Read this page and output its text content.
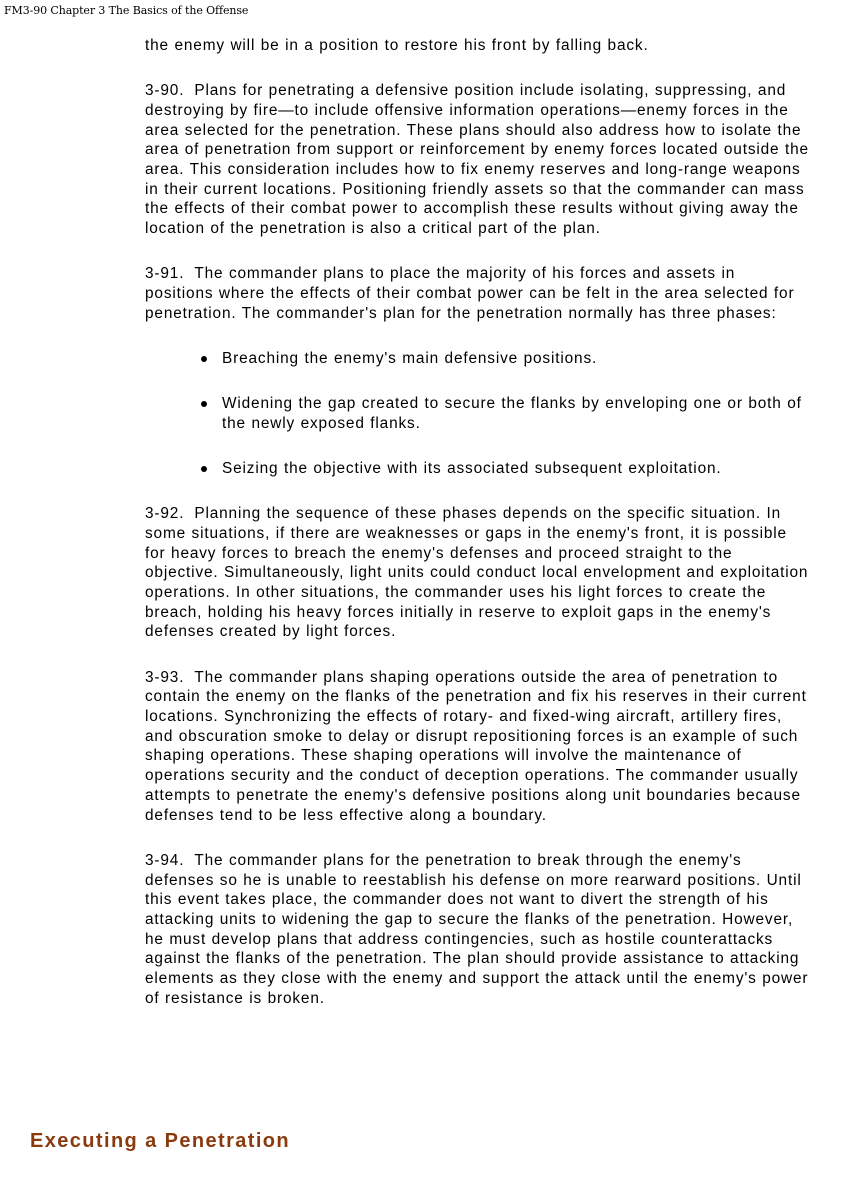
FM3-90 Chapter 3 The Basics of the Offense

the enemy will be in a position to restore his front by falling back.

3-90. Plans for penetrating a defensive position include isolating, suppressing, and destroying by fire—to include offensive information operations—enemy forces in the area selected for the penetration. These plans should also address how to isolate the area of penetration from support or reinforcement by enemy forces located outside the area. This consideration includes how to fix enemy reserves and long-range weapons in their current locations. Positioning friendly assets so that the commander can mass the effects of their combat power to accomplish these results without giving away the location of the penetration is also a critical part of the plan.

3-91. The commander plans to place the majority of his forces and assets in positions where the effects of their combat power can be felt in the area selected for penetration. The commander's plan for the penetration normally has three phases:

Breaching the enemy's main defensive positions.
Widening the gap created to secure the flanks by enveloping one or both of the newly exposed flanks.
Seizing the objective with its associated subsequent exploitation.

3-92. Planning the sequence of these phases depends on the specific situation. In some situations, if there are weaknesses or gaps in the enemy's front, it is possible for heavy forces to breach the enemy's defenses and proceed straight to the objective. Simultaneously, light units could conduct local envelopment and exploitation operations. In other situations, the commander uses his light forces to create the breach, holding his heavy forces initially in reserve to exploit gaps in the enemy's defenses created by light forces.

3-93. The commander plans shaping operations outside the area of penetration to contain the enemy on the flanks of the penetration and fix his reserves in their current locations. Synchronizing the effects of rotary- and fixed-wing aircraft, artillery fires, and obscuration smoke to delay or disrupt repositioning forces is an example of such shaping operations. These shaping operations will involve the maintenance of operations security and the conduct of deception operations. The commander usually attempts to penetrate the enemy's defensive positions along unit boundaries because defenses tend to be less effective along a boundary.

3-94. The commander plans for the penetration to break through the enemy's defenses so he is unable to reestablish his defense on more rearward positions. Until this event takes place, the commander does not want to divert the strength of his attacking units to widening the gap to secure the flanks of the penetration. However, he must develop plans that address contingencies, such as hostile counterattacks against the flanks of the penetration. The plan should provide assistance to attacking elements as they close with the enemy and support the attack until the enemy's power of resistance is broken.

Executing a Penetration
